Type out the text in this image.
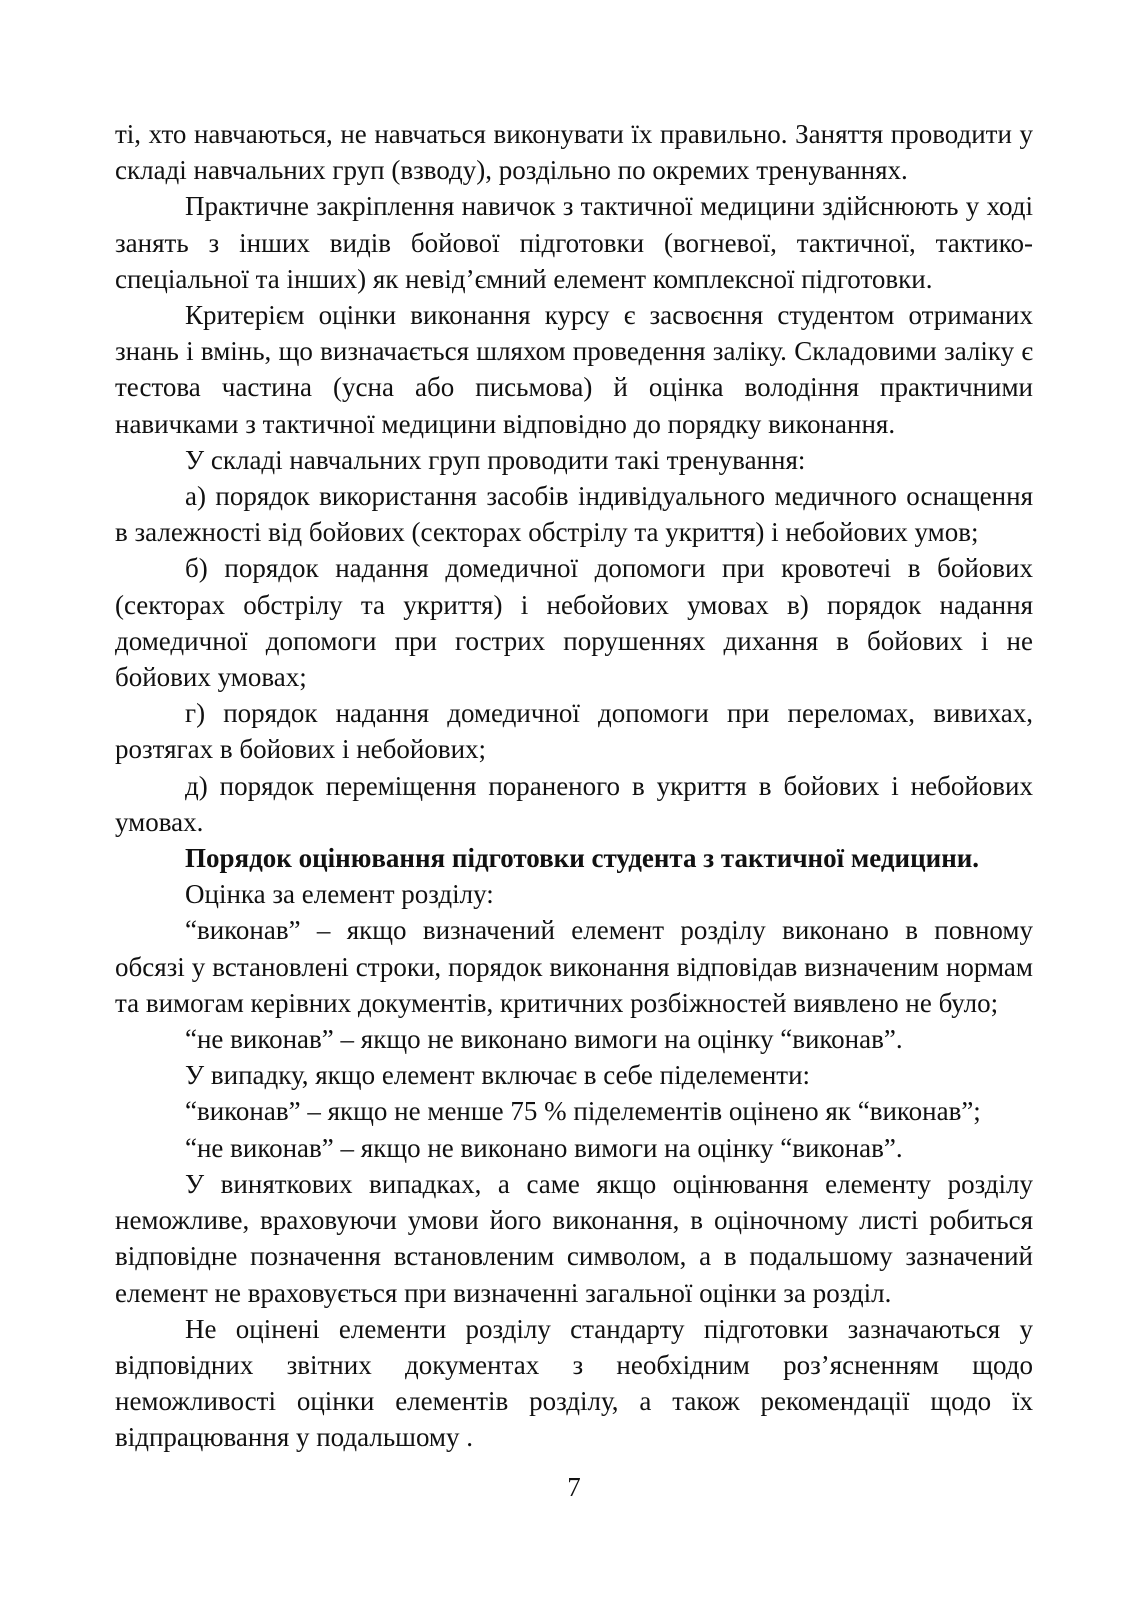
ті, хто навчаються, не навчаться виконувати їх правильно. Заняття проводити у складі навчальних груп (взводу), роздільно по окремих тренуваннях.

Практичне закріплення навичок з тактичної медицини здійснюють у ході занять з інших видів бойової підготовки (вогневої, тактичної, тактико-спеціальної та інших) як невід’ємний елемент комплексної підготовки.

Критерієм оцінки виконання курсу є засвоєння студентом отриманих знань і вмінь, що визначається шляхом проведення заліку. Складовими заліку є тестова частина (усна або письмова) й оцінка володіння практичними навичками з тактичної медицини відповідно до порядку виконання.

У складі навчальних груп проводити такі тренування:

а) порядок використання засобів індивідуального медичного оснащення в залежності від бойових (секторах обстрілу та укриття) і небойових умов;

б) порядок надання домедичної допомоги при кровотечі в бойових (секторах обстрілу та укриття) і небойових умовах в) порядок надання домедичної допомоги при гострих порушеннях дихання в бойових і не бойових умовах;

г) порядок надання домедичної допомоги при переломах, вивихах, розтягах в бойових і небойових;

д) порядок переміщення пораненого в укриття в бойових і небойових умовах.

Порядок оцінювання підготовки студента з тактичної медицини.

Оцінка за елемент розділу:

“виконав” – якщо визначений елемент розділу виконано в повному обсязі у встановлені строки, порядок виконання відповідав визначеним нормам та вимогам керівних документів, критичних розбіжностей виявлено не було;

“не виконав” – якщо не виконано вимоги на оцінку “виконав”.

У випадку, якщо елемент включає в себе піделементи:

“виконав” – якщо не менше 75 % піделементів оцінено як “виконав”;

“не виконав” – якщо не виконано вимоги на оцінку “виконав”.

У виняткових випадках, а саме якщо оцінювання елементу розділу неможливе, враховуючи умови його виконання, в оціночному листі робиться відповідне позначення встановленим символом, а в подальшому зазначений елемент не враховується при визначенні загальної оцінки за розділ.

Не оцінені елементи розділу стандарту підготовки зазначаються у відповідних звітних документах з необхідним роз’ясненням щодо неможливості оцінки елементів розділу, а також рекомендації щодо їх відпрацювання у подальшому .

7
